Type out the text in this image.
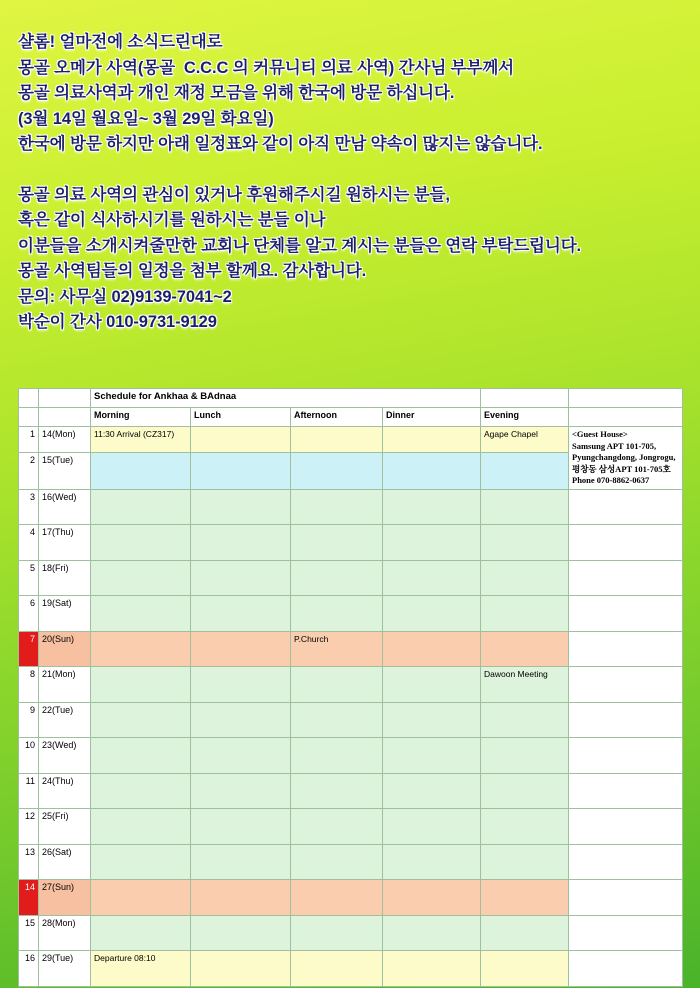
샬롬! 얼마전에 소식드린대로

몽골 오메가 사역(몽골  C.C.C 의 커뮤니티 의료 사역) 간사님 부부께서

몽골 의료사역과 개인 재정 모금을 위해 한국에 방문 하십니다.

(3월 14일 월요일~ 3월 29일 화요일)

한국에 방문 하지만 아래 일정표와 같이 아직 만남 약속이 많지는 않습니다.

몽골 의료 사역의 관심이 있거나 후원해주시길 원하시는 분들,

혹은 같이 식사하시기를 원하시는 분들 이나

이분들을 소개시켜줄만한 교회나 단체를 알고 계시는 분들은 연락 부탁드립니다.

몽골 사역팀들의 일정을 첨부 할께요. 감사합니다.

문의: 사무실 02)9139-7041~2

박순이 간사 010-9731-9129

		Schedule for Ankhaa & BAdnaa					
		Morning	Lunch	Afternoon	Dinner	Evening	
1	14(Mon)	11:30 Arrival (CZ317)				Agape Chapel	<Guest House>
Samsung APT 101-705,
Pyungchangdong, Jongrogu,
평창동 삼성APT 101-705호
Phone 070-8862-0637

2	15(Tue)						
3	16(Wed)						
4	17(Thu)						
5	18(Fri)						
6	19(Sat)						
7	20(Sun)			P.Church			
8	21(Mon)					Dawoon Meeting	
9	22(Tue)						
10	23(Wed)						
11	24(Thu)						
12	25(Fri)						
13	26(Sat)						
14	27(Sun)						
15	28(Mon)						
16	29(Tue)	Departure 08:10					
